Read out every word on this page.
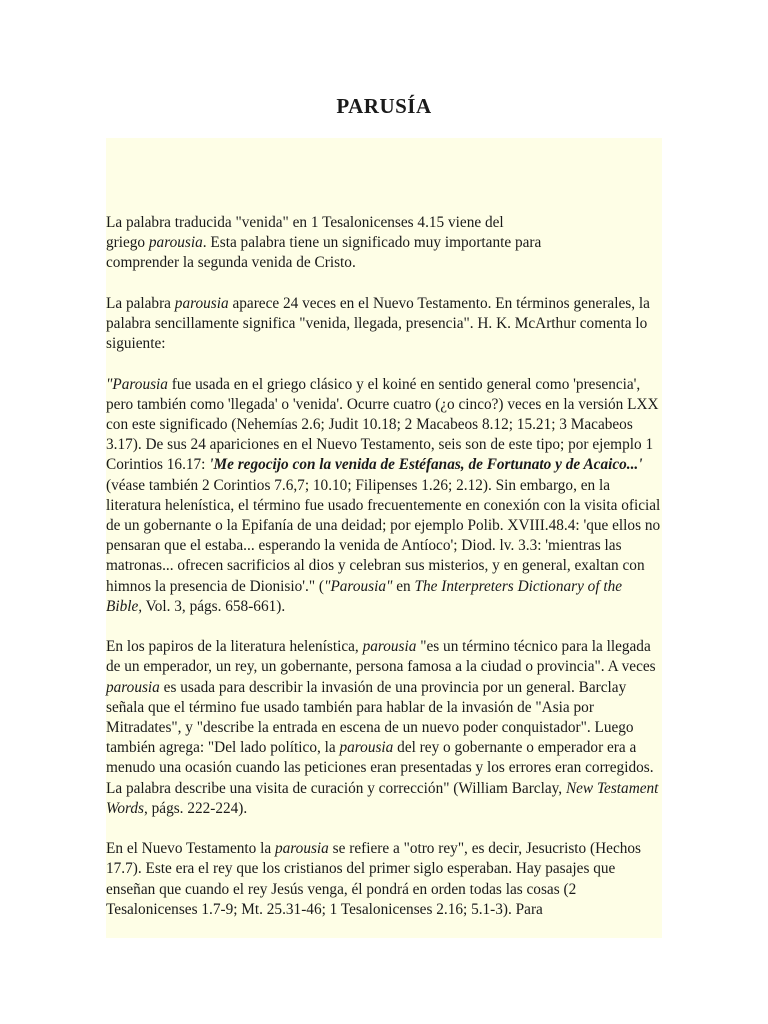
PARUSÍA

La palabra traducida "venida" en 1 Tesalonicenses 4.15 viene del
griego parousia. Esta palabra tiene un significado muy importante para
comprender la segunda venida de Cristo.

La palabra parousia aparece 24 veces en el Nuevo Testamento. En términos generales, la palabra sencillamente significa "venida, llegada, presencia". H. K. McArthur comenta lo siguiente:

"Parousia fue usada en el griego clásico y el koiné en sentido general como 'presencia', pero también como 'llegada' o 'venida'. Ocurre cuatro (¿o cinco?) veces en la versión LXX con este significado (Nehemías 2.6; Judit 10.18; 2 Macabeos 8.12; 15.21; 3 Macabeos 3.17). De sus 24 apariciones en el Nuevo Testamento, seis son de este tipo; por ejemplo 1 Corintios 16.17: 'Me regocijo con la venida de Estéfanas, de Fortunato y de Acaico...' (véase también 2 Corintios 7.6,7; 10.10; Filipenses 1.26; 2.12). Sin embargo, en la literatura helenística, el término fue usado frecuentemente en conexión con la visita oficial de un gobernante o la Epifanía de una deidad; por ejemplo Polib. XVIII.48.4: 'que ellos no pensaran que el estaba... esperando la venida de Antíoco'; Diod. lv. 3.3: 'mientras las matronas... ofrecen sacrificios al dios y celebran sus misterios, y en general, exaltan con himnos la presencia de Dionisio'." ("Parousia" en The Interpreters Dictionary of the Bible, Vol. 3, págs. 658-661).

En los papiros de la literatura helenística, parousia "es un término técnico para la llegada de un emperador, un rey, un gobernante, persona famosa a la ciudad o provincia". A veces parousia es usada para describir la invasión de una provincia por un general. Barclay señala que el término fue usado también para hablar de la invasión de "Asia por Mitradates", y "describe la entrada en escena de un nuevo poder conquistador". Luego también agrega: "Del lado político, la parousia del rey o gobernante o emperador era a menudo una ocasión cuando las peticiones eran presentadas y los errores eran corregidos. La palabra describe una visita de curación y corrección" (William Barclay, New Testament Words, págs. 222-224).

En el Nuevo Testamento la parousia se refiere a "otro rey", es decir, Jesucristo (Hechos 17.7). Este era el rey que los cristianos del primer siglo esperaban. Hay pasajes que enseñan que cuando el rey Jesús venga, él pondrá en orden todas las cosas (2 Tesalonicenses 1.7-9; Mt. 25.31-46; 1 Tesalonicenses 2.16; 5.1-3). Para
